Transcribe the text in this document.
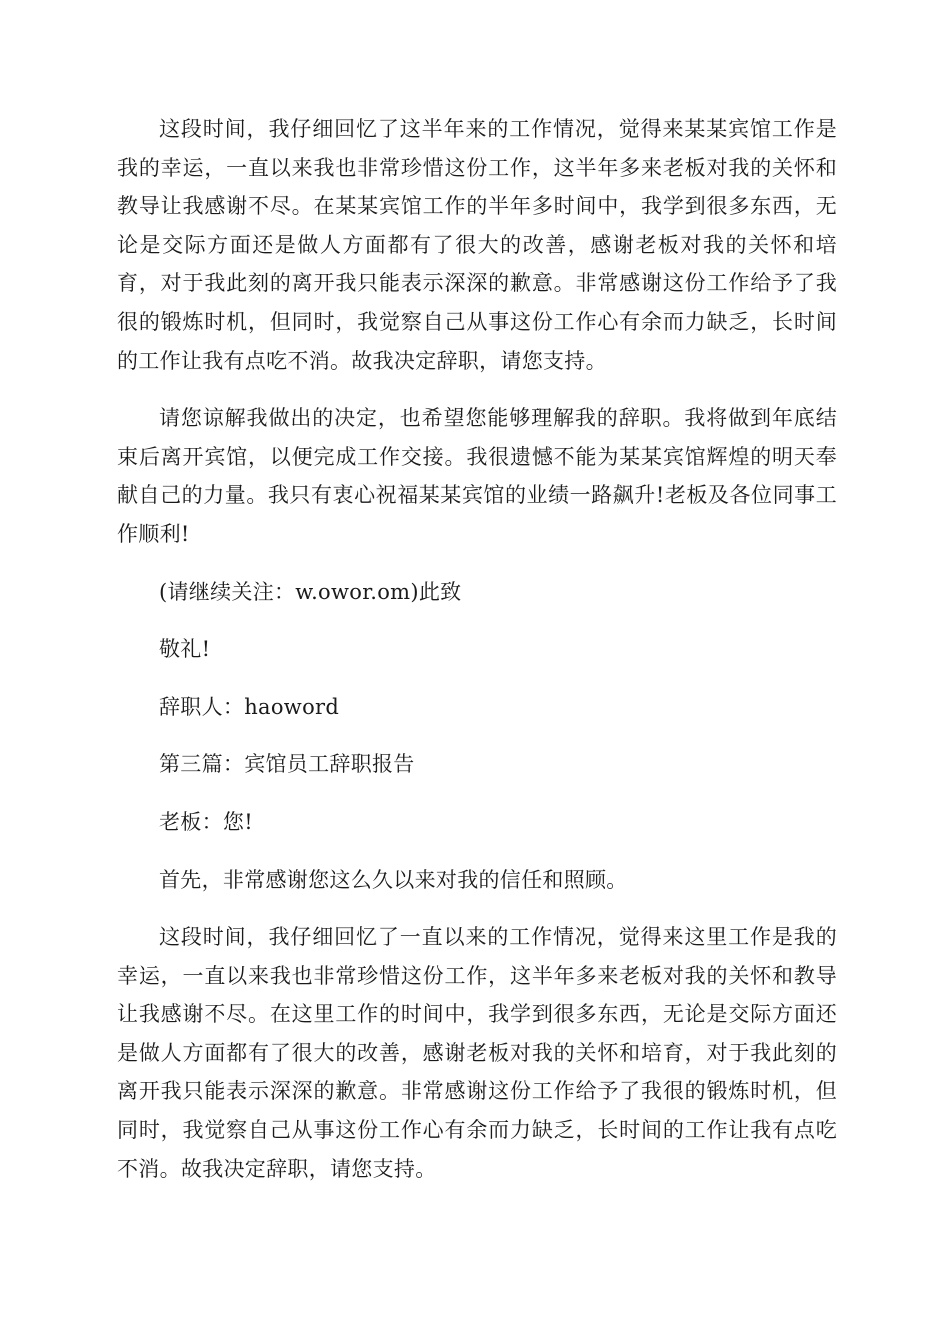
这段时间，我仔细回忆了这半年来的工作情况，觉得来某某宾馆工作是我的幸运，一直以来我也非常珍惜这份工作，这半年多来老板对我的关怀和教导让我感谢不尽。在某某宾馆工作的半年多时间中，我学到很多东西，无论是交际方面还是做人方面都有了很大的改善，感谢老板对我的关怀和培育，对于我此刻的离开我只能表示深深的歉意。非常感谢这份工作给予了我很的锻炼时机，但同时，我觉察自己从事这份工作心有余而力缺乏，长时间的工作让我有点吃不消。故我决定辞职，请您支持。

请您谅解我做出的决定，也希望您能够理解我的辞职。我将做到年底结束后离开宾馆，以便完成工作交接。我很遗憾不能为某某宾馆辉煌的明天奉献自己的力量。我只有衷心祝福某某宾馆的业绩一路飙升!老板及各位同事工作顺利!

(请继续关注：w.owor.om)此致

敬礼!

辞职人：haoword

第三篇：宾馆员工辞职报告

老板：您!

首先，非常感谢您这么久以来对我的信任和照顾。

这段时间，我仔细回忆了一直以来的工作情况，觉得来这里工作是我的幸运，一直以来我也非常珍惜这份工作，这半年多来老板对我的关怀和教导让我感谢不尽。在这里工作的时间中，我学到很多东西，无论是交际方面还是做人方面都有了很大的改善，感谢老板对我的关怀和培育，对于我此刻的离开我只能表示深深的歉意。非常感谢这份工作给予了我很的锻炼时机，但同时，我觉察自己从事这份工作心有余而力缺乏，长时间的工作让我有点吃不消。故我决定辞职，请您支持。
